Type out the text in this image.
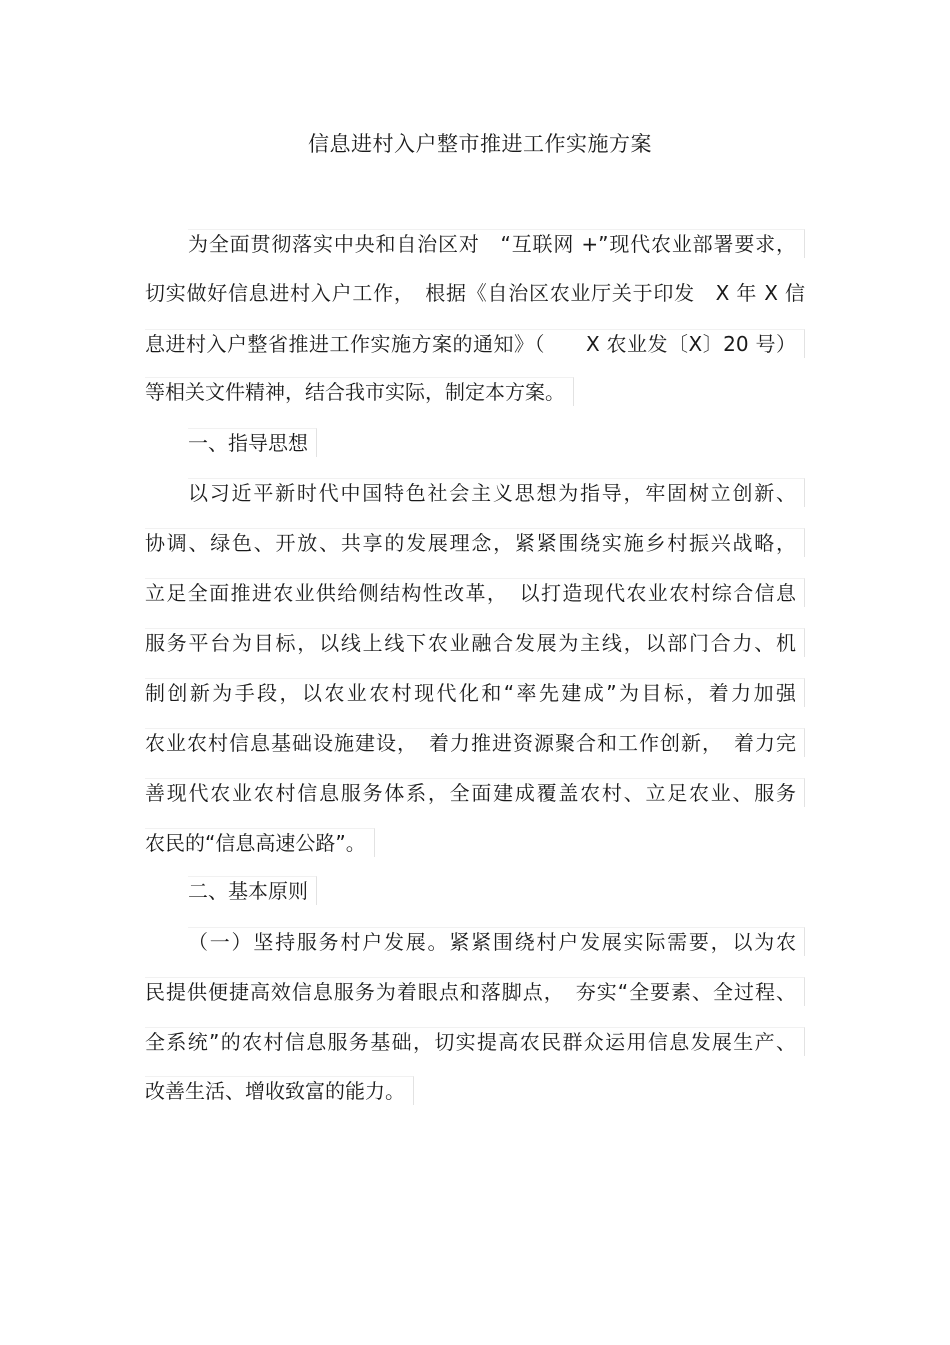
信息进村入户整市推进工作实施方案
为全面贯彻落实中央和自治区对　“互联网 +”现代农业部署要求，
切实做好信息进村入户工作，　根据《自治区农业厅关于印发　X 年 X 信
息进村入户整省推进工作实施方案的通知》（　　X 农业发〔X〕20 号）
等相关文件精神，结合我市实际，制定本方案。
一、指导思想
以习近平新时代中国特色社会主义思想为指导，牢固树立创新、
协调、绿色、开放、共享的发展理念，紧紧围绕实施乡村振兴战略，
立足全面推进农业供给侧结构性改革，　以打造现代农业农村综合信息
服务平台为目标，以线上线下农业融合发展为主线，以部门合力、机
制创新为手段，以农业农村现代化和“率先建成”为目标，着力加强
农业农村信息基础设施建设，　着力推进资源聚合和工作创新，　着力完
善现代农业农村信息服务体系，全面建成覆盖农村、立足农业、服务
农民的“信息高速公路”。
二、基本原则
（一）坚持服务村户发展。紧紧围绕村户发展实际需要，以为农
民提供便捷高效信息服务为着眼点和落脚点，　夯实“全要素、全过程、
全系统”的农村信息服务基础，切实提高农民群众运用信息发展生产、
改善生活、增收致富的能力。
